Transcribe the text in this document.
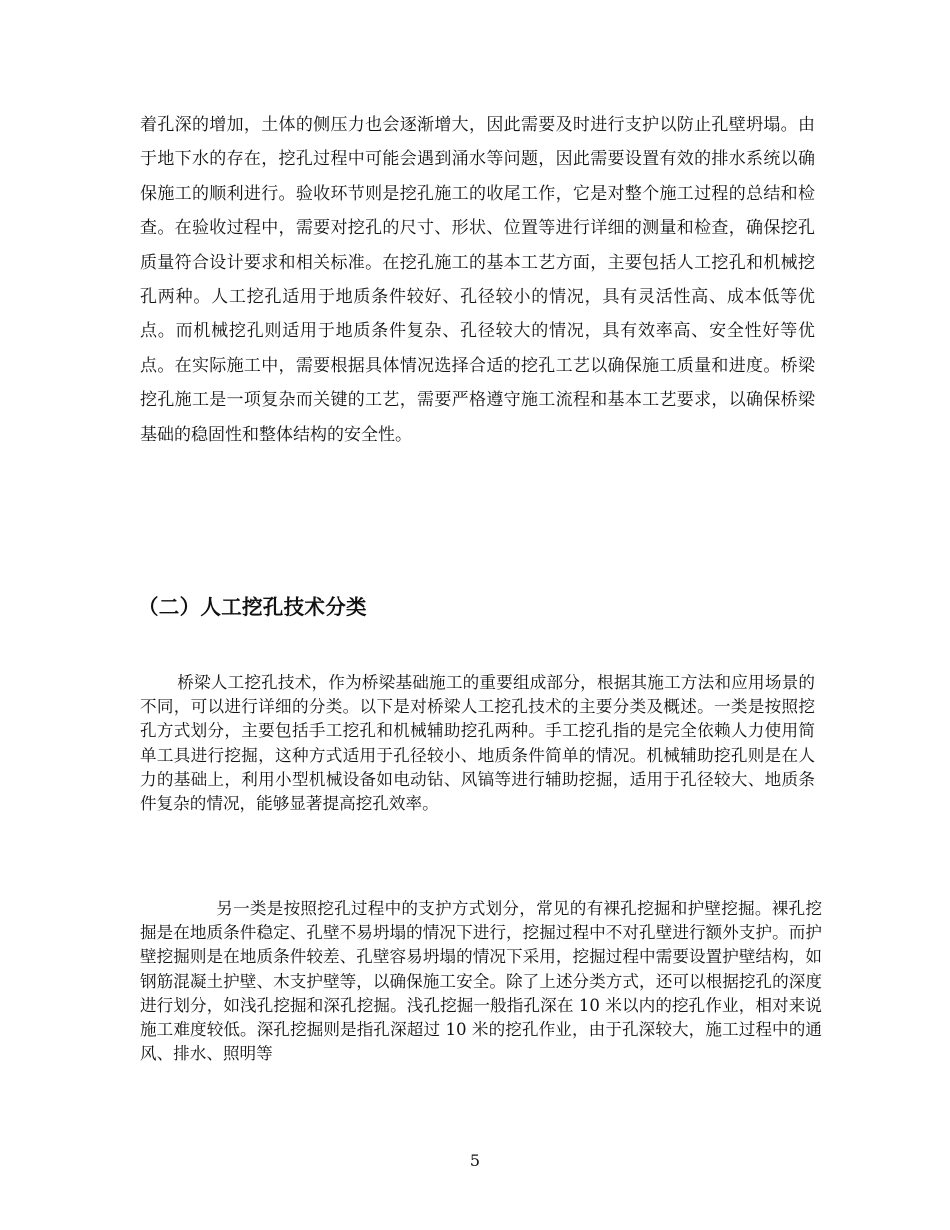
着孔深的增加，土体的侧压力也会逐渐增大，因此需要及时进行支护以防止孔壁坍塌。由于地下水的存在，挖孔过程中可能会遇到涌水等问题，因此需要设置有效的排水系统以确保施工的顺利进行。验收环节则是挖孔施工的收尾工作，它是对整个施工过程的总结和检查。在验收过程中，需要对挖孔的尺寸、形状、位置等进行详细的测量和检查，确保挖孔质量符合设计要求和相关标准。在挖孔施工的基本工艺方面，主要包括人工挖孔和机械挖孔两种。人工挖孔适用于地质条件较好、孔径较小的情况，具有灵活性高、成本低等优点。而机械挖孔则适用于地质条件复杂、孔径较大的情况，具有效率高、安全性好等优点。在实际施工中，需要根据具体情况选择合适的挖孔工艺以确保施工质量和进度。桥梁挖孔施工是一项复杂而关键的工艺，需要严格遵守施工流程和基本工艺要求，以确保桥梁基础的稳固性和整体结构的安全性。

（二）人工挖孔技术分类

桥梁人工挖孔技术，作为桥梁基础施工的重要组成部分，根据其施工方法和应用场景的不同，可以进行详细的分类。以下是对桥梁人工挖孔技术的主要分类及概述。一类是按照挖孔方式划分，主要包括手工挖孔和机械辅助挖孔两种。手工挖孔指的是完全依赖人力使用简单工具进行挖掘，这种方式适用于孔径较小、地质条件简单的情况。机械辅助挖孔则是在人力的基础上，利用小型机械设备如电动钻、风镐等进行辅助挖掘，适用于孔径较大、地质条件复杂的情况，能够显著提高挖孔效率。

另一类是按照挖孔过程中的支护方式划分，常见的有裸孔挖掘和护壁挖掘。裸孔挖掘是在地质条件稳定、孔壁不易坍塌的情况下进行，挖掘过程中不对孔壁进行额外支护。而护壁挖掘则是在地质条件较差、孔壁容易坍塌的情况下采用，挖掘过程中需要设置护壁结构，如钢筋混凝土护壁、木支护壁等，以确保施工安全。除了上述分类方式，还可以根据挖孔的深度进行划分，如浅孔挖掘和深孔挖掘。浅孔挖掘一般指孔深在 10 米以内的挖孔作业，相对来说施工难度较低。深孔挖掘则是指孔深超过 10 米的挖孔作业，由于孔深较大，施工过程中的通风、排水、照明等

5
